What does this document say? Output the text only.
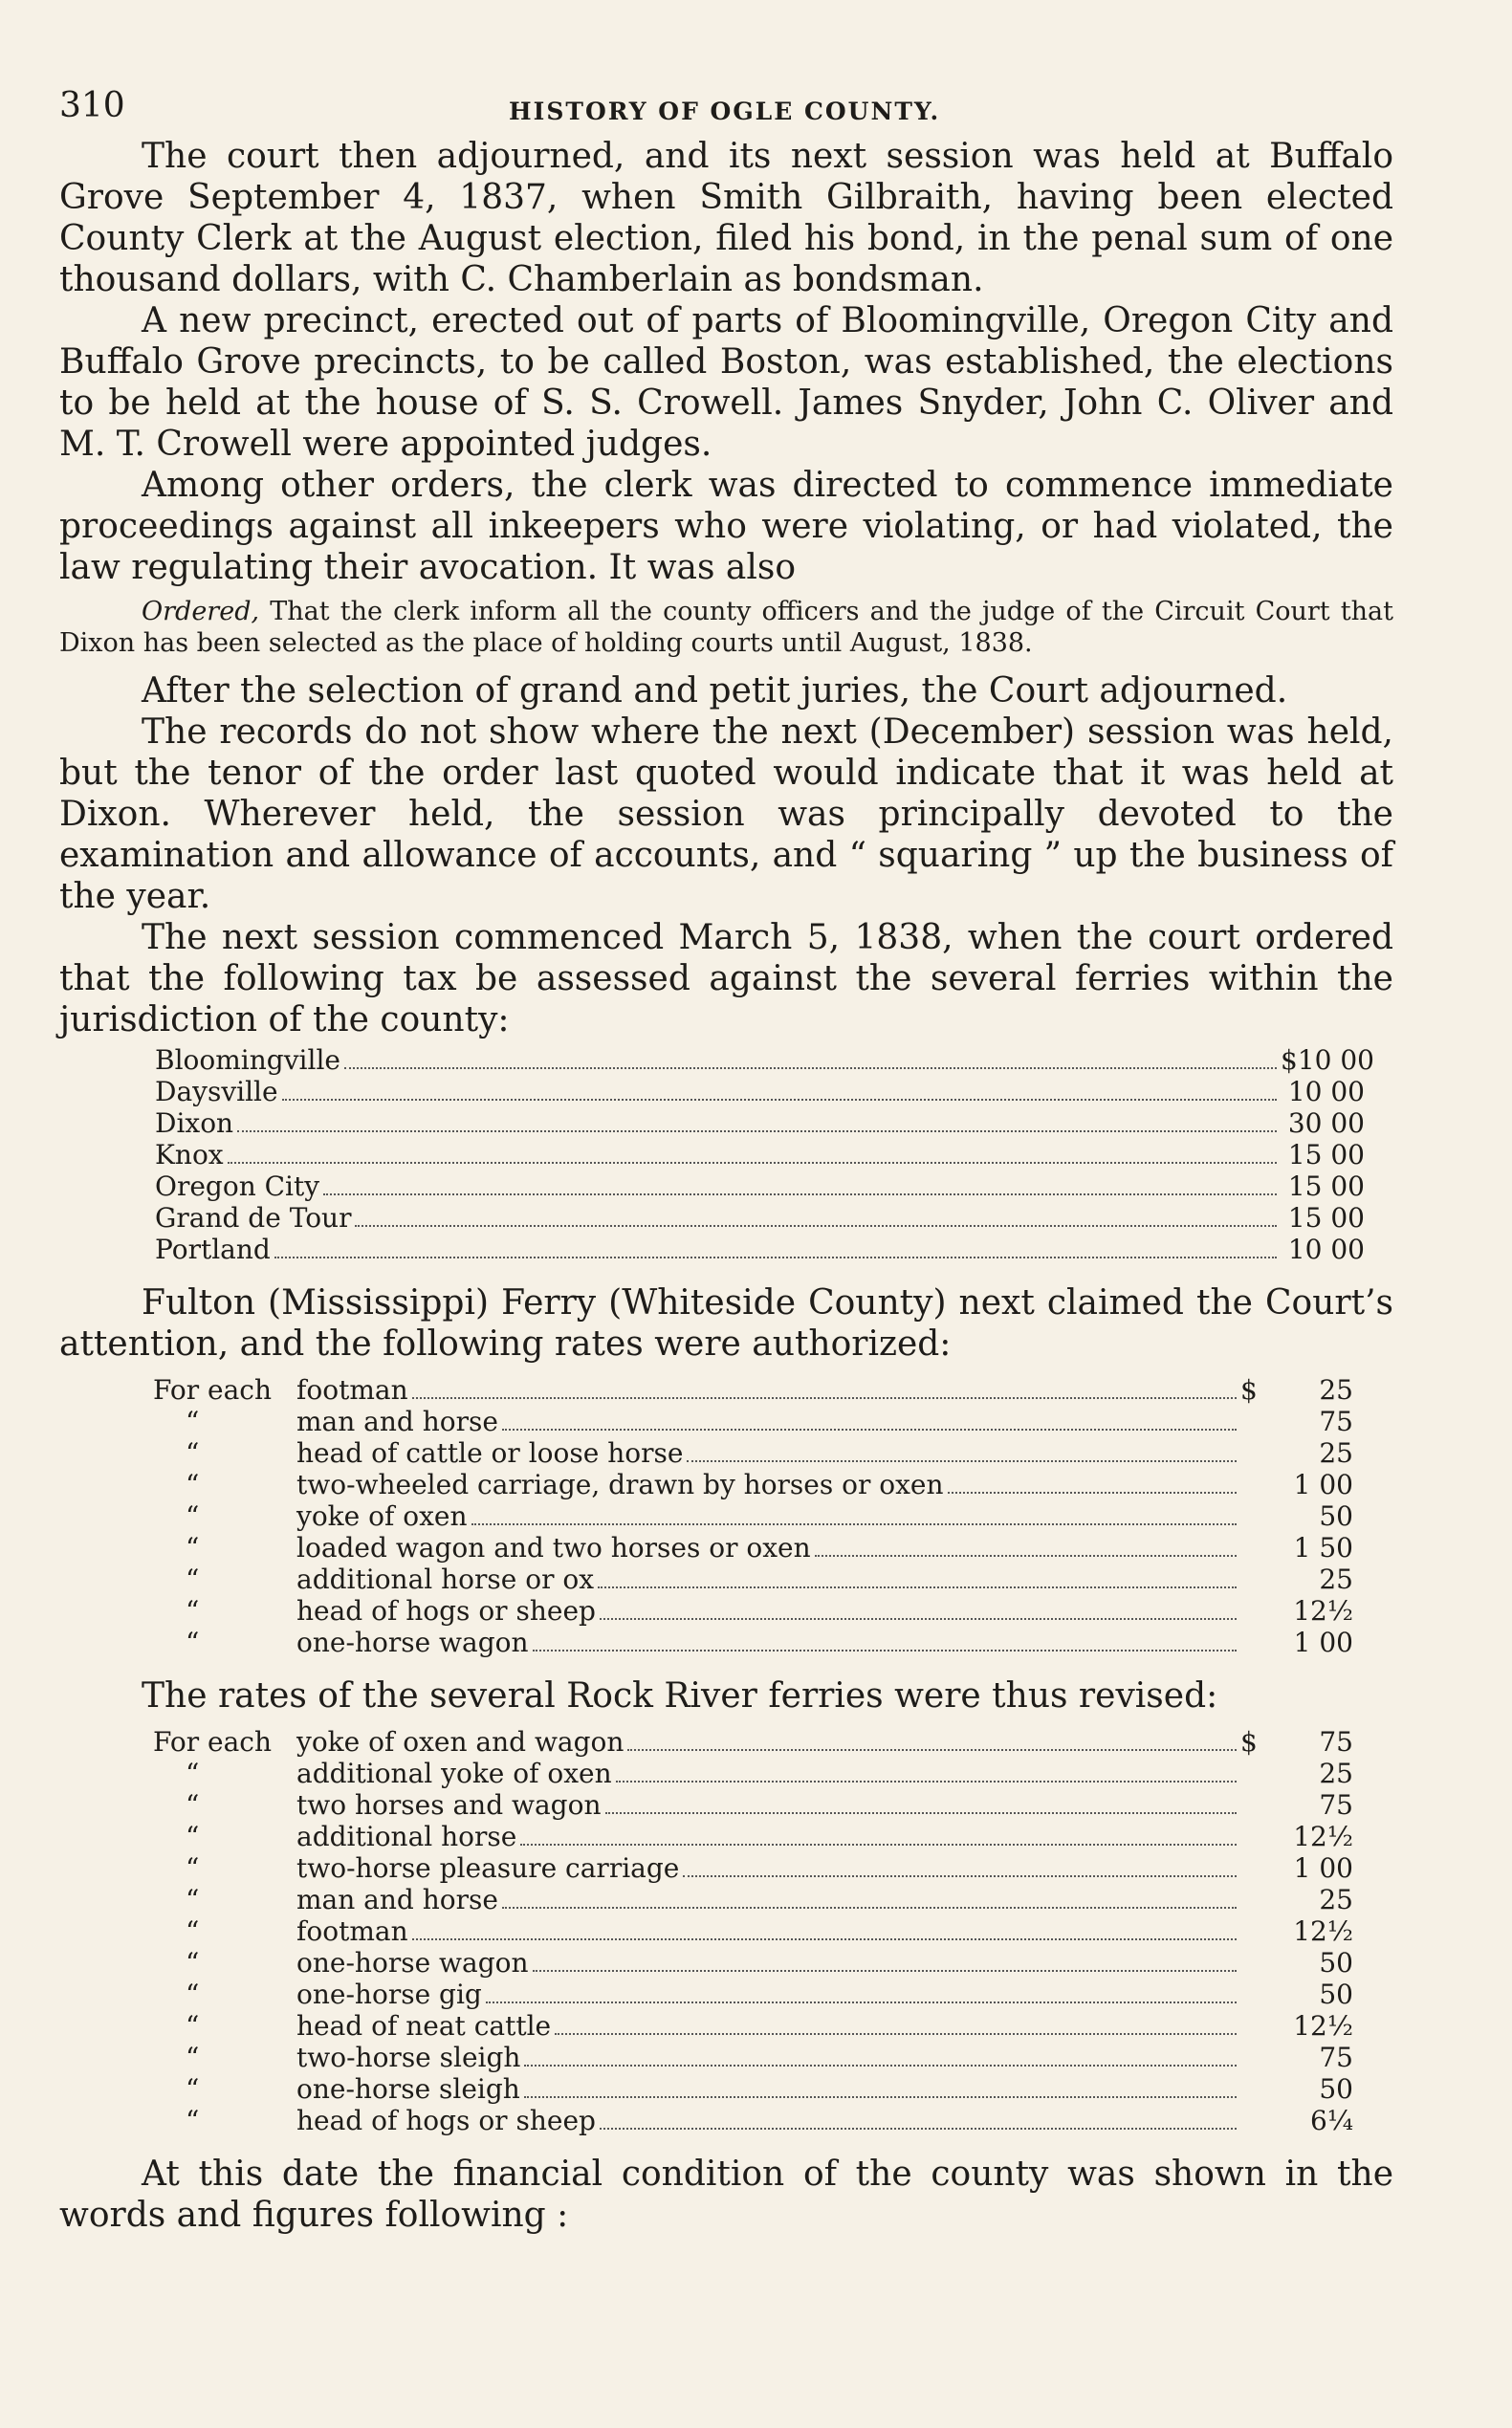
310	HISTORY OF OGLE COUNTY.

The court then adjourned, and its next session was held at Buffalo Grove September 4, 1837, when Smith Gilbraith, having been elected County Clerk at the August election, filed his bond, in the penal sum of one thousand dollars, with C. Chamberlain as bondsman.

A new precinct, erected out of parts of Bloomingville, Oregon City and Buffalo Grove precincts, to be called Boston, was established, the elections to be held at the house of S. S. Crowell. James Snyder, John C. Oliver and M. T. Crowell were appointed judges.

Among other orders, the clerk was directed to commence immediate proceedings against all inkeepers who were violating, or had violated, the law regulating their avocation. It was also

Ordered, That the clerk inform all the county officers and the judge of the Circuit Court that Dixon has been selected as the place of holding courts until August, 1838.

After the selection of grand and petit juries, the Court adjourned.

The records do not show where the next (December) session was held, but the tenor of the order last quoted would indicate that it was held at Dixon. Wherever held, the session was principally devoted to the examination and allowance of accounts, and “ squaring ” up the business of the year.

The next session commenced March 5, 1838, when the court ordered that the following tax be assessed against the several ferries within the jurisdiction of the county:

Bloomingville	$10 00
Daysville	10 00
Dixon	30 00
Knox	15 00
Oregon City	15 00
Grand de Tour	15 00
Portland	10 00

Fulton (Mississippi) Ferry (Whiteside County) next claimed the Court’s attention, and the following rates were authorized:

For each footman	$	25
“	man and horse	75
“	head of cattle or loose horse	25
“	two-wheeled carriage, drawn by horses or oxen	1 00
“	yoke of oxen	50
“	loaded wagon and two horses or oxen	1 50
“	additional horse or ox	25
“	head of hogs or sheep	12½
“	one-horse wagon	1 00

The rates of the several Rock River ferries were thus revised:

For each yoke of oxen and wagon	$	75
“	additional yoke of oxen	25
“	two horses and wagon	75
“	additional horse	12½
“	two-horse pleasure carriage	1 00
“	man and horse	25
“	footman	12½
“	one-horse wagon	50
“	one-horse gig	50
“	head of neat cattle	12½
“	two-horse sleigh	75
“	one-horse sleigh	50
“	head of hogs or sheep	6¼

At this date the financial condition of the county was shown in the words and figures following :
